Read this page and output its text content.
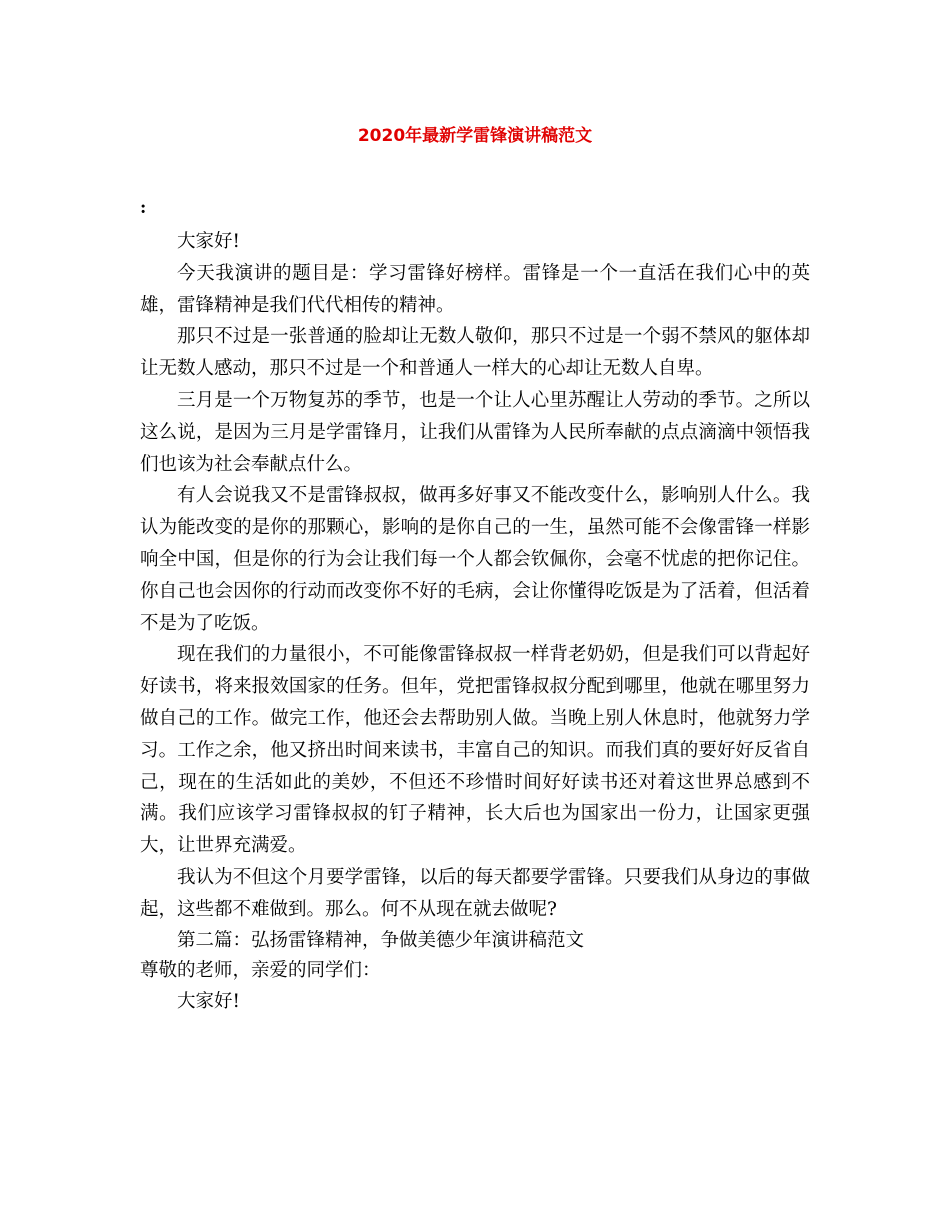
2020年最新学雷锋演讲稿范文
:

大家好!

今天我演讲的题目是：学习雷锋好榜样。雷锋是一个一直活在我们心中的英雄，雷锋精神是我们代代相传的精神。

那只不过是一张普通的脸却让无数人敬仰，那只不过是一个弱不禁风的躯体却让无数人感动，那只不过是一个和普通人一样大的心却让无数人自卑。

三月是一个万物复苏的季节，也是一个让人心里苏醒让人劳动的季节。之所以这么说，是因为三月是学雷锋月，让我们从雷锋为人民所奉献的点点滴滴中领悟我们也该为社会奉献点什么。

有人会说我又不是雷锋叔叔，做再多好事又不能改变什么，影响别人什么。我认为能改变的是你的那颗心，影响的是你自己的一生，虽然可能不会像雷锋一样影响全中国，但是你的行为会让我们每一个人都会钦佩你，会毫不忧虑的把你记住。你自己也会因你的行动而改变你不好的毛病，会让你懂得吃饭是为了活着，但活着不是为了吃饭。

现在我们的力量很小，不可能像雷锋叔叔一样背老奶奶，但是我们可以背起好好读书，将来报效国家的任务。但年，党把雷锋叔叔分配到哪里，他就在哪里努力做自己的工作。做完工作，他还会去帮助别人做。当晚上别人休息时，他就努力学习。工作之余，他又挤出时间来读书，丰富自己的知识。而我们真的要好好反省自己，现在的生活如此的美妙，不但还不珍惜时间好好读书还对着这世界总感到不满。我们应该学习雷锋叔叔的钉子精神，长大后也为国家出一份力，让国家更强大，让世界充满爱。

我认为不但这个月要学雷锋，以后的每天都要学雷锋。只要我们从身边的事做起，这些都不难做到。那么。何不从现在就去做呢?

第二篇：弘扬雷锋精神，争做美德少年演讲稿范文

尊敬的老师，亲爱的同学们：

大家好!
